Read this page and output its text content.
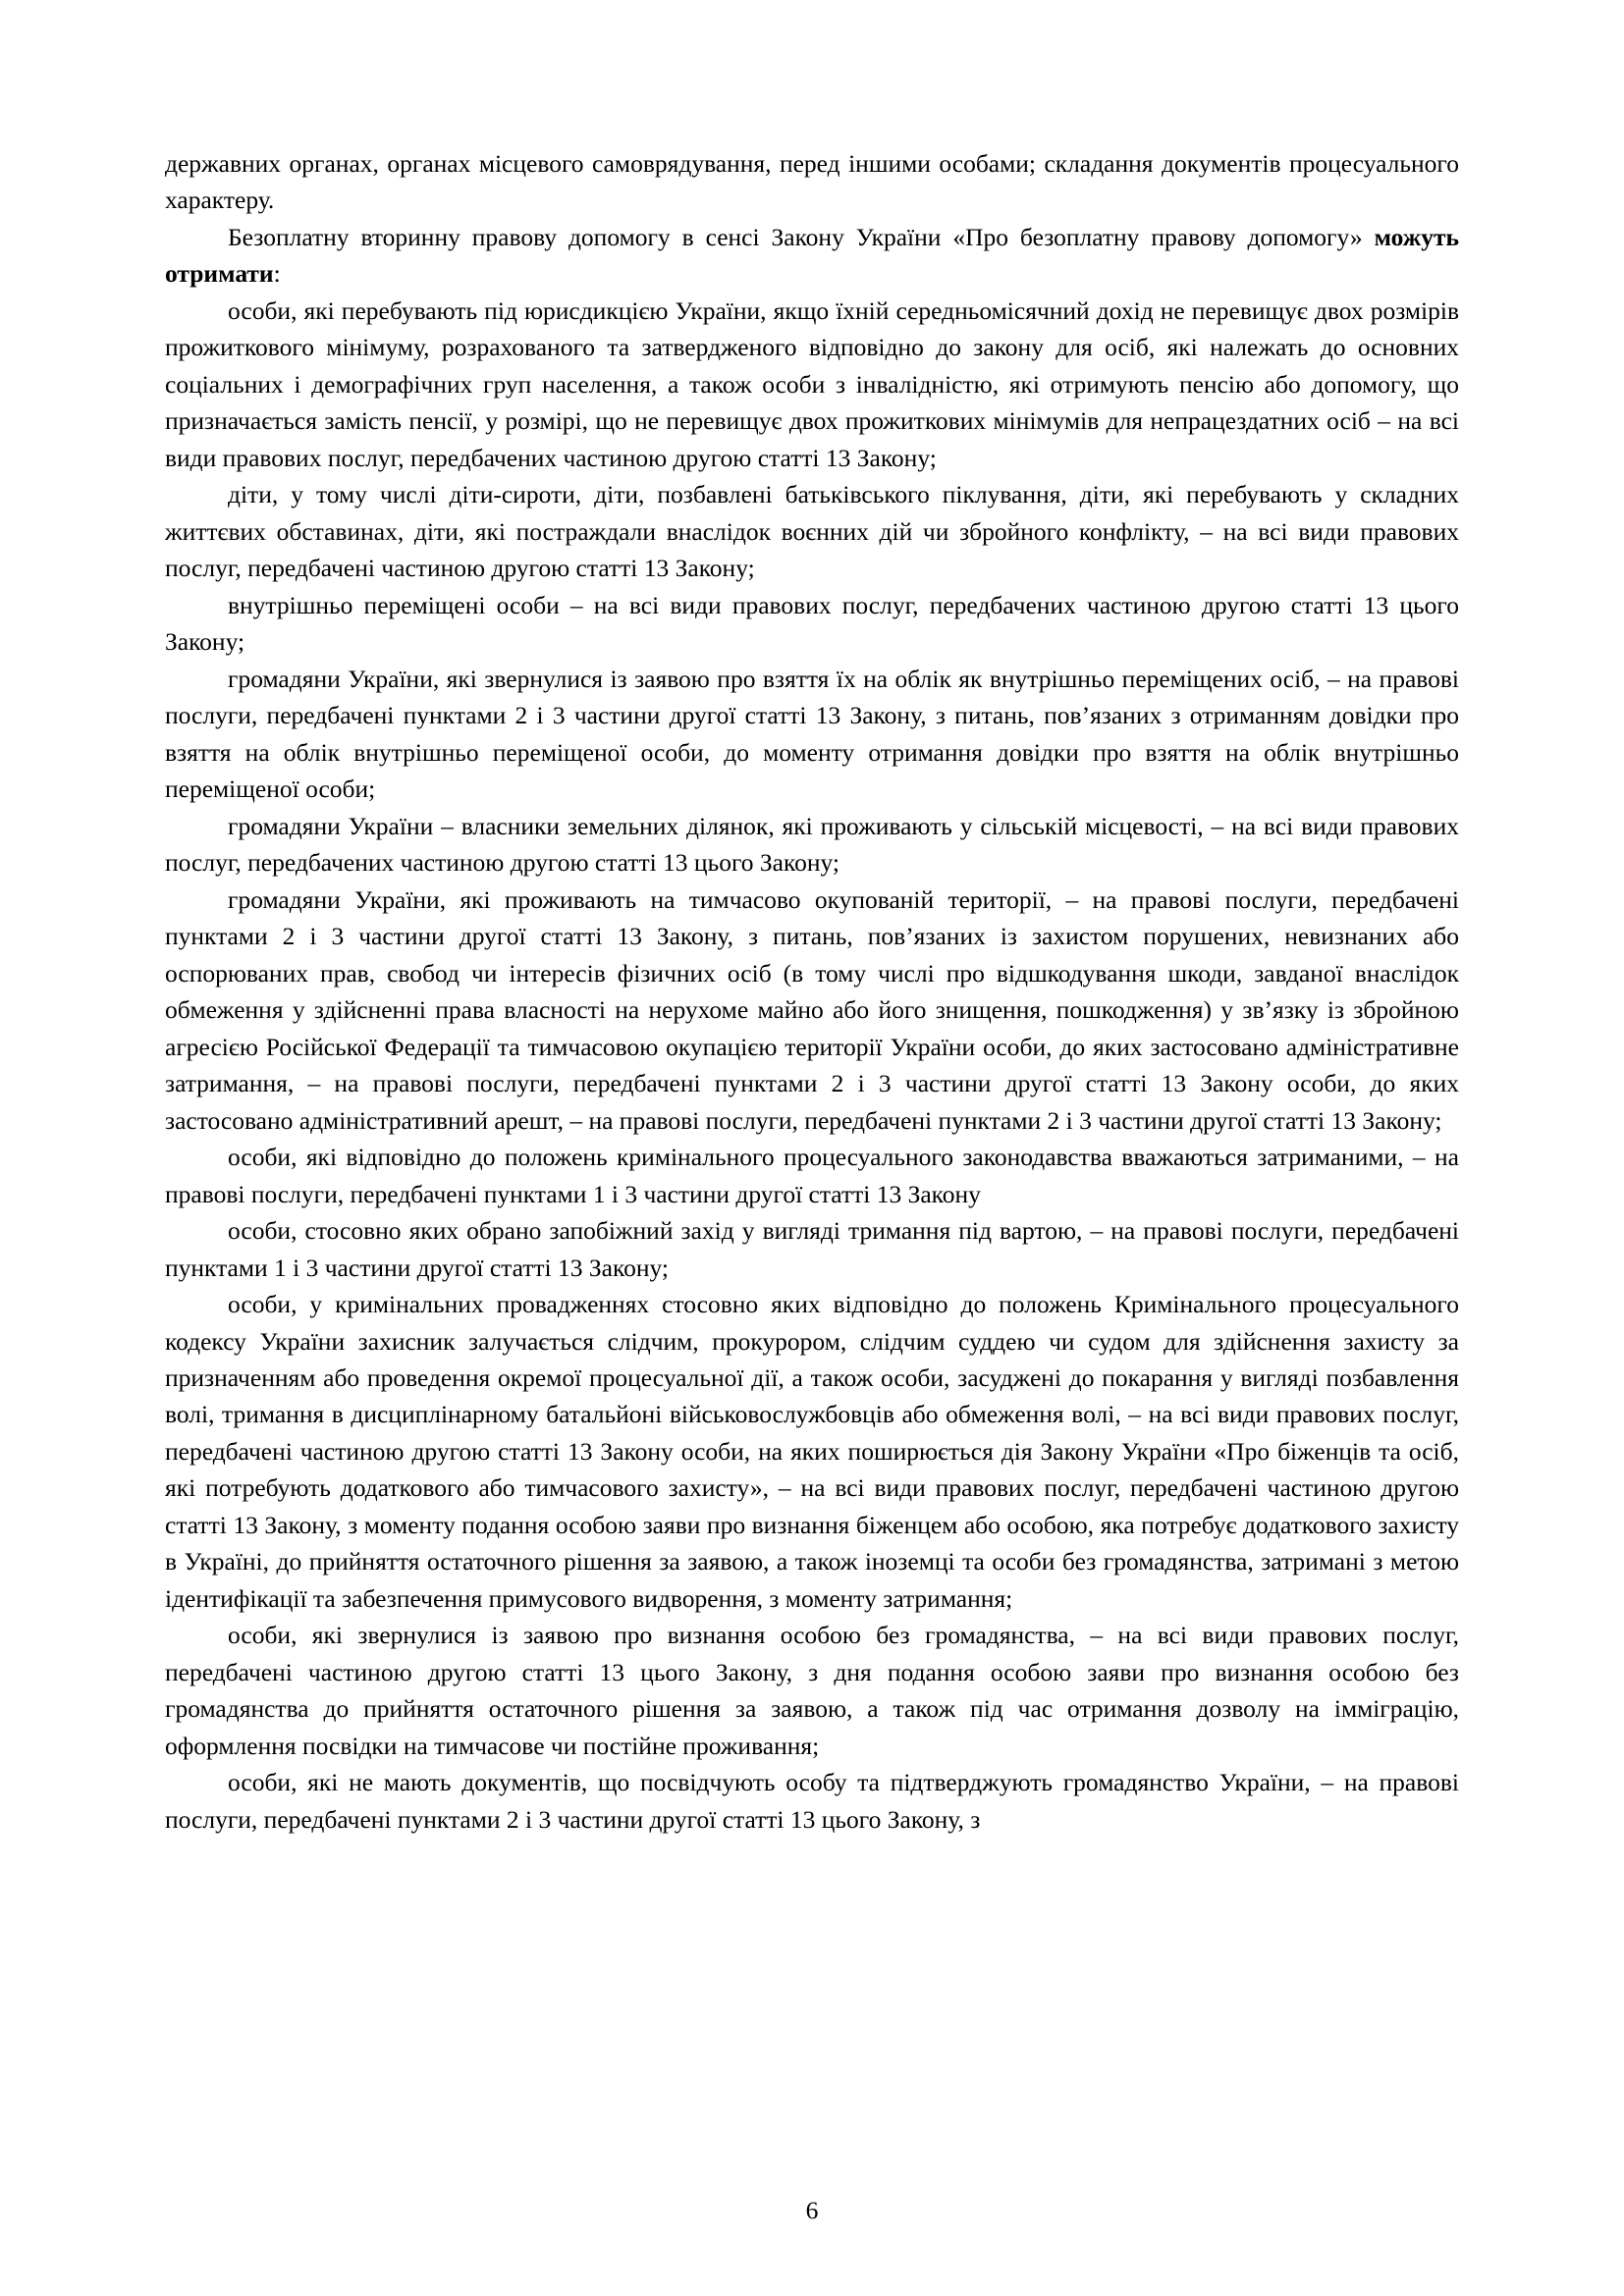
державних органах, органах місцевого самоврядування, перед іншими особами; складання документів процесуального характеру.

Безоплатну вторинну правову допомогу в сенсі Закону України «Про безоплатну правову допомогу» можуть отримати:

особи, які перебувають під юрисдикцією України, якщо їхній середньомісячний дохід не перевищує двох розмірів прожиткового мінімуму, розрахованого та затвердженого відповідно до закону для осіб, які належать до основних соціальних і демографічних груп населення, а також особи з інвалідністю, які отримують пенсію або допомогу, що призначається замість пенсії, у розмірі, що не перевищує двох прожиткових мінімумів для непрацездатних осіб – на всі види правових послуг, передбачених частиною другою статті 13 Закону;

діти, у тому числі діти-сироти, діти, позбавлені батьківського піклування, діти, які перебувають у складних життєвих обставинах, діти, які постраждали внаслідок воєнних дій чи збройного конфлікту, – на всі види правових послуг, передбачені частиною другою статті 13 Закону;

внутрішньо переміщені особи – на всі види правових послуг, передбачених частиною другою статті 13 цього Закону;

громадяни України, які звернулися із заявою про взяття їх на облік як внутрішньо переміщених осіб, – на правові послуги, передбачені пунктами 2 і 3 частини другої статті 13 Закону, з питань, пов’язаних з отриманням довідки про взяття на облік внутрішньо переміщеної особи, до моменту отримання довідки про взяття на облік внутрішньо переміщеної особи;

громадяни України – власники земельних ділянок, які проживають у сільській місцевості, – на всі види правових послуг, передбачених частиною другою статті 13 цього Закону;

громадяни України, які проживають на тимчасово окупованій території, – на правові послуги, передбачені пунктами 2 і 3 частини другої статті 13 Закону, з питань, пов’язаних із захистом порушених, невизнаних або оспорюваних прав, свобод чи інтересів фізичних осіб (в тому числі про відшкодування шкоди, завданої внаслідок обмеження у здійсненні права власності на нерухоме майно або його знищення, пошкодження) у зв’язку із збройною агресією Російської Федерації та тимчасовою окупацією території України особи, до яких застосовано адміністративне затримання, – на правові послуги, передбачені пунктами 2 і 3 частини другої статті 13 Закону особи, до яких застосовано адміністративний арешт, – на правові послуги, передбачені пунктами 2 і 3 частини другої статті 13 Закону;

особи, які відповідно до положень кримінального процесуального законодавства вважаються затриманими, – на правові послуги, передбачені пунктами 1 і 3 частини другої статті 13 Закону

особи, стосовно яких обрано запобіжний захід у вигляді тримання під вартою, – на правові послуги, передбачені пунктами 1 і 3 частини другої статті 13 Закону;

особи, у кримінальних провадженнях стосовно яких відповідно до положень Кримінального процесуального кодексу України захисник залучається слідчим, прокурором, слідчим суддею чи судом для здійснення захисту за призначенням або проведення окремої процесуальної дії, а також особи, засуджені до покарання у вигляді позбавлення волі, тримання в дисциплінарному батальйоні військовослужбовців або обмеження волі, – на всі види правових послуг, передбачені частиною другою статті 13 Закону особи, на яких поширюється дія Закону України «Про біженців та осіб, які потребують додаткового або тимчасового захисту», – на всі види правових послуг, передбачені частиною другою статті 13 Закону, з моменту подання особою заяви про визнання біженцем або особою, яка потребує додаткового захисту в Україні, до прийняття остаточного рішення за заявою, а також іноземці та особи без громадянства, затримані з метою ідентифікації та забезпечення примусового видворення, з моменту затримання;

особи, які звернулися із заявою про визнання особою без громадянства, – на всі види правових послуг, передбачені частиною другою статті 13 цього Закону, з дня подання особою заяви про визнання особою без громадянства до прийняття остаточного рішення за заявою, а також під час отримання дозволу на імміграцію, оформлення посвідки на тимчасове чи постійне проживання;

особи, які не мають документів, що посвідчують особу та підтверджують громадянство України, – на правові послуги, передбачені пунктами 2 і 3 частини другої статті 13 цього Закону, з

6
